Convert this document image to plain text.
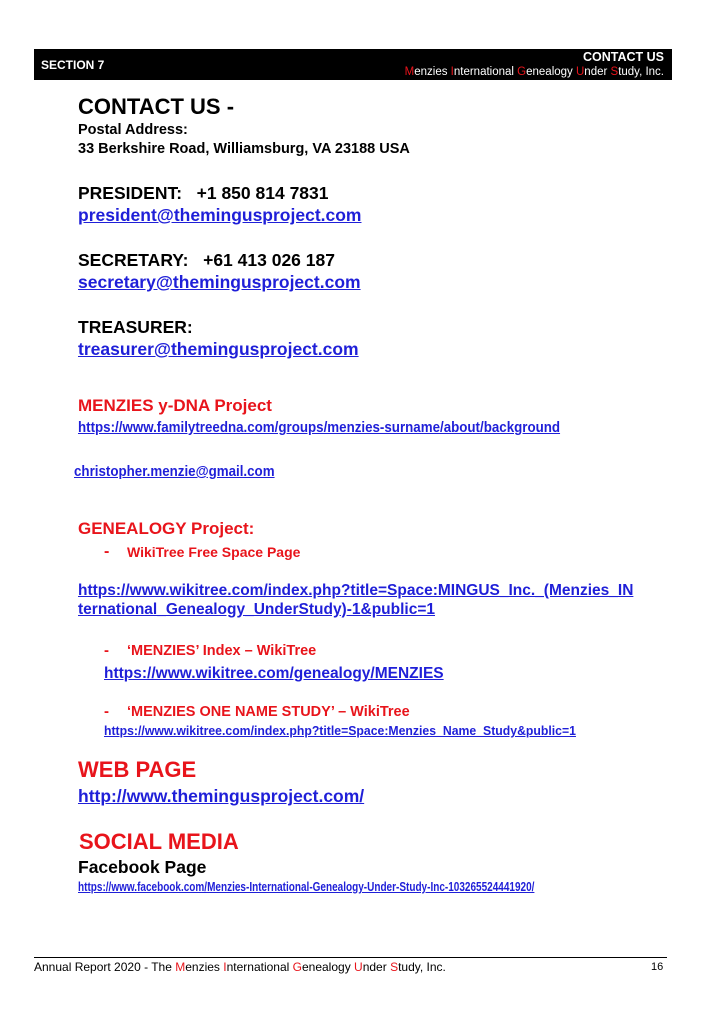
SECTION 7
CONTACT US
Menzies International Genealogy Under Study, Inc.
CONTACT US -
Postal Address:
33 Berkshire Road, Williamsburg, VA 23188 USA
PRESIDENT:   +1 850 814 7831
president@themingusproject.com
SECRETARY:   +61 413 026 187
secretary@themingusproject.com
TREASURER:
treasurer@themingusproject.com
MENZIES y-DNA Project
https://www.familytreedna.com/groups/menzies-surname/about/background
christopher.menzie@gmail.com
GENEALOGY Project:
- WikiTree Free Space Page
https://www.wikitree.com/index.php?title=Space:MINGUS_Inc._(Menzies_IN
ternational_Genealogy_UnderStudy)-1&public=1
- ‘MENZIES’ Index – WikiTree
https://www.wikitree.com/genealogy/MENZIES
- ‘MENZIES ONE NAME STUDY’ – WikiTree
https://www.wikitree.com/index.php?title=Space:Menzies_Name_Study&public=1
WEB PAGE
http://www.themingusproject.com/
SOCIAL MEDIA
Facebook Page
https://www.facebook.com/Menzies-International-Genealogy-Under-Study-Inc-103265524441920/
Annual Report 2020 - The Menzies International Genealogy Under Study, Inc.	16
